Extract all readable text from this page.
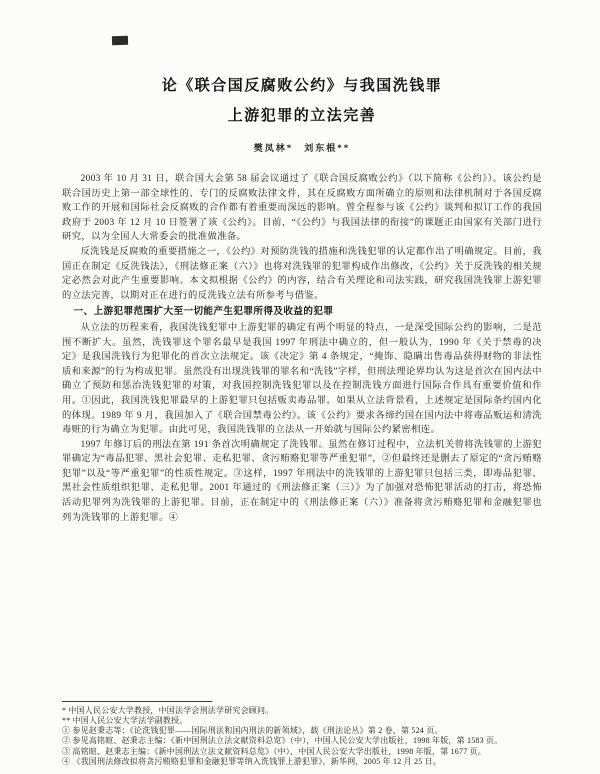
论《联合国反腐败公约》与我国洗钱罪
上游犯罪的立法完善
樊凤林*　刘东根**

2003 年 10 月 31 日，联合国大会第 58 届会议通过了《联合国反腐败公约》（以下简称《公约》）。该公约是联合国历史上第一部全球性的、专门的反腐败法律文件，其在反腐败方面所确立的原则和法律机制对于各国反腐败工作的开展和国际社会反腐败的合作都有着重要而深远的影响。曾全程参与该《公约》谈判和拟订工作的我国政府于 2003 年 12 月 10 日签署了该《公约》。目前，“《公约》与我国法律的衔接”的课题正由国家有关部门进行研究，以为全国人大常委会的批准做准备。

反洗钱是反腐败的重要措施之一，《公约》对预防洗钱的措施和洗钱犯罪的认定都作出了明确规定。目前，我国正在制定《反洗钱法》，《刑法修正案（六）》也将对洗钱罪的犯罪构成作出修改，《公约》关于反洗钱的相关规定必然会对此产生重要影响。本文拟根据《公约》的内容，结合有关理论和司法实践，研究我国洗钱罪上游犯罪的立法完善，以期对正在进行的反洗钱立法有所参考与借鉴。

一、上游犯罪范围扩大至一切能产生犯罪所得及收益的犯罪

从立法的历程来看，我国洗钱犯罪中上游犯罪的确定有两个明显的特点，一是深受国际公约的影响，二是范围不断扩大。虽然，洗钱罪这个罪名最早是我国 1997 年刑法中确立的，但一般认为，1990 年《关于禁毒的决定》是我国洗钱行为犯罪化的首次立法规定。该《决定》第 4 条规定，“掩饰、隐瞒出售毒品获得财物的非法性质和来源”的行为构成犯罪。虽然没有出现洗钱罪的罪名和“洗钱”字样，但刑法理论界均认为这是首次在国内法中确立了预防和惩治洗钱犯罪的对策，对我国控制洗钱犯罪以及在控制洗钱方面进行国际合作具有重要价值和作用。①因此，我国洗钱犯罪最早的上游犯罪只包括贩卖毒品罪。如果从立法背景看，上述规定是国际条约国内化的体现。1989 年 9 月，我国加入了《联合国禁毒公约》。该《公约》要求各缔约国在国内法中将毒品贩运和清洗毒赃的行为确立为犯罪。由此可见，我国洗钱罪的立法从一开始就与国际公约紧密相连。

1997 年修订后的刑法在第 191 条首次明确规定了洗钱罪。虽然在修订过程中，立法机关曾将洗钱罪的上游犯罪确定为“毒品犯罪、黑社会犯罪、走私犯罪、贪污贿赂犯罪等严重犯罪”，②但最终还是删去了原定的“贪污贿赂犯罪”以及“等严重犯罪”的性质性规定。③这样，1997 年刑法中的洗钱罪的上游犯罪只包括三类，即毒品犯罪、黑社会性质组织犯罪、走私犯罪。2001 年通过的《刑法修正案（三）》为了加强对恐怖犯罪活动的打击，将恐怖活动犯罪列为洗钱罪的上游犯罪。目前，正在制定中的《刑法修正案（六）》准备将贪污贿赂犯罪和金融犯罪也列为洗钱罪的上游犯罪。④

* 中国人民公安大学教授，中国法学会刑法学研究会顾问。

** 中国人民公安大学法学副教授。

① 参见赵秉志等：《论洗钱犯罪——国际刑法和国内刑法的新领域》，载《刑法论丛》第 2 卷，第 524 页。

② 参见高铭暄、赵秉志主编：《新中国刑法立法文献资料总览》（中），中国人民公安大学出版社，1998 年版，第 1583 页。

③ 高铭暄、赵秉志主编：《新中国刑法立法文献资料总览》（中），中国人民公安大学出版社，1998 年版，第 1677 页。

④ 《我国刑法修改拟将贪污贿赂犯罪和金融犯罪等纳入洗钱罪上游犯罪》，新华网，2005 年 12 月 25 日。
